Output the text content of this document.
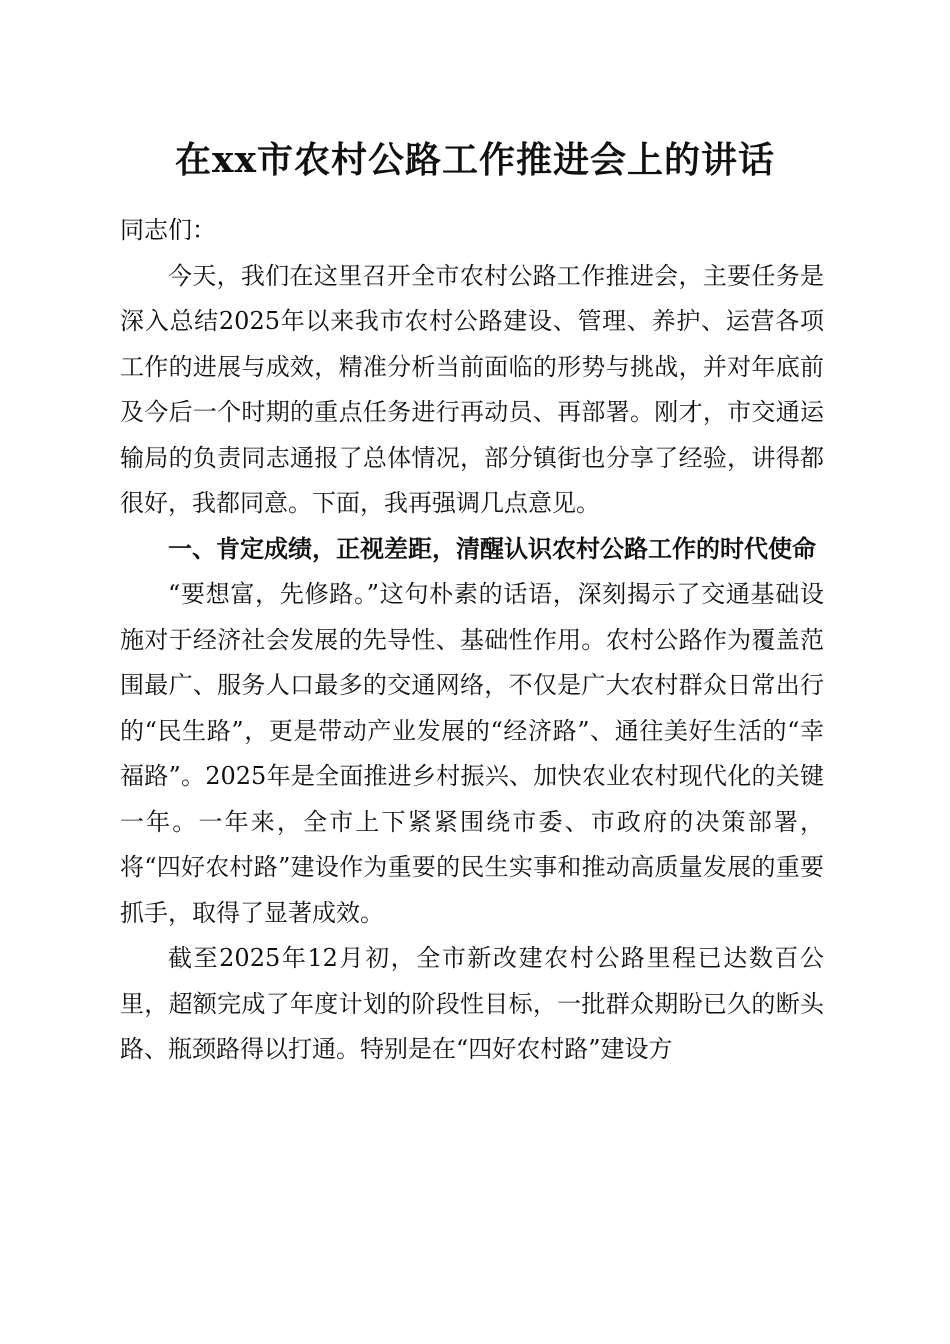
在xx市农村公路工作推进会上的讲话

同志们：

今天，我们在这里召开全市农村公路工作推进会，主要任务是深入总结2025年以来我市农村公路建设、管理、养护、运营各项工作的进展与成效，精准分析当前面临的形势与挑战，并对年底前及今后一个时期的重点任务进行再动员、再部署。刚才，市交通运输局的负责同志通报了总体情况，部分镇街也分享了经验，讲得都很好，我都同意。下面，我再强调几点意见。

一、肯定成绩，正视差距，清醒认识农村公路工作的时代使命

“要想富，先修路。”这句朴素的话语，深刻揭示了交通基础设施对于经济社会发展的先导性、基础性作用。农村公路作为覆盖范围最广、服务人口最多的交通网络，不仅是广大农村群众日常出行的“民生路”，更是带动产业发展的“经济路”、通往美好生活的“幸福路”。2025年是全面推进乡村振兴、加快农业农村现代化的关键一年。一年来，全市上下紧紧围绕市委、市政府的决策部署，将“四好农村路”建设作为重要的民生实事和推动高质量发展的重要抓手，取得了显著成效。

截至2025年12月初，全市新改建农村公路里程已达数百公里，超额完成了年度计划的阶段性目标，一批群众期盼已久的断头路、瓶颈路得以打通。特别是在“四好农村路”建设方
